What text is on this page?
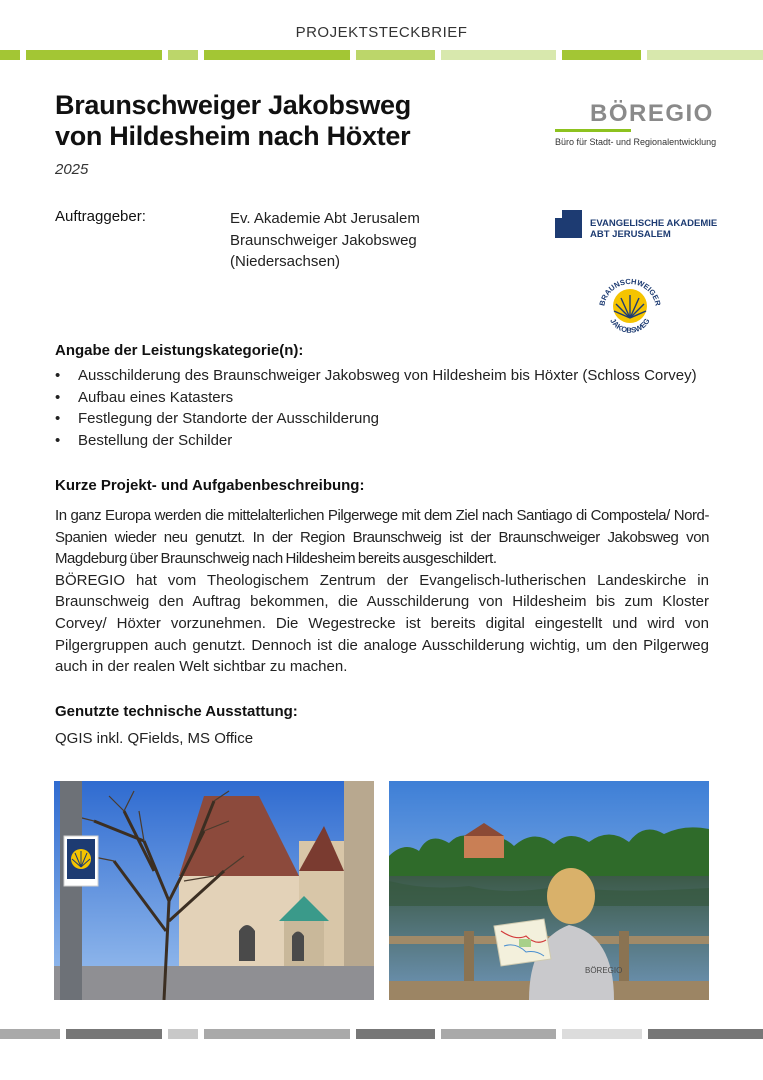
PROJEKTSTECKBRIEF
Braunschweiger Jakobsweg
von Hildesheim nach Höxter
2025
BÖREGIO
Büro für Stadt- und Regionalentwicklung
Auftraggeber:	Ev. Akademie Abt Jerusalem
Braunschweiger Jakobsweg
(Niedersachsen)
EVANGELISCHE AKADEMIE
ABT JERUSALEM
BRAUNSCHWEIGER
JAKOBSWEG
Angabe der Leistungskategorie(n):
• Ausschilderung des Braunschweiger Jakobsweg von Hildesheim bis Höxter (Schloss Corvey)
• Aufbau eines Katasters
• Festlegung der Standorte der Ausschilderung
• Bestellung der Schilder
Kurze Projekt- und Aufgabenbeschreibung:

In ganz Europa werden die mittelalterlichen Pilgerwege mit dem Ziel nach Santiago di Compostela/ Nord- Spanien wieder neu genutzt. In der Region Braunschweig ist der Braunschweiger Jakobsweg von Magdeburg über Braunschweig nach Hildesheim bereits ausgeschildert.

BÖREGIO hat vom Theologischem Zentrum der Evangelisch-lutherischen Landeskirche in Braunschweig den Auftrag bekommen, die Ausschilderung von Hildesheim bis zum Kloster Corvey/ Höxter vorzunehmen. Die Wegestrecke ist bereits digital eingestellt und wird von Pilgergruppen auch genutzt. Dennoch ist die analoge Ausschilderung wichtig, um den Pilgerweg auch in der realen Welt sichtbar zu machen.

Genutzte technische Ausstattung:
QGIS inkl. QFields, MS Office
BÖREGIO
